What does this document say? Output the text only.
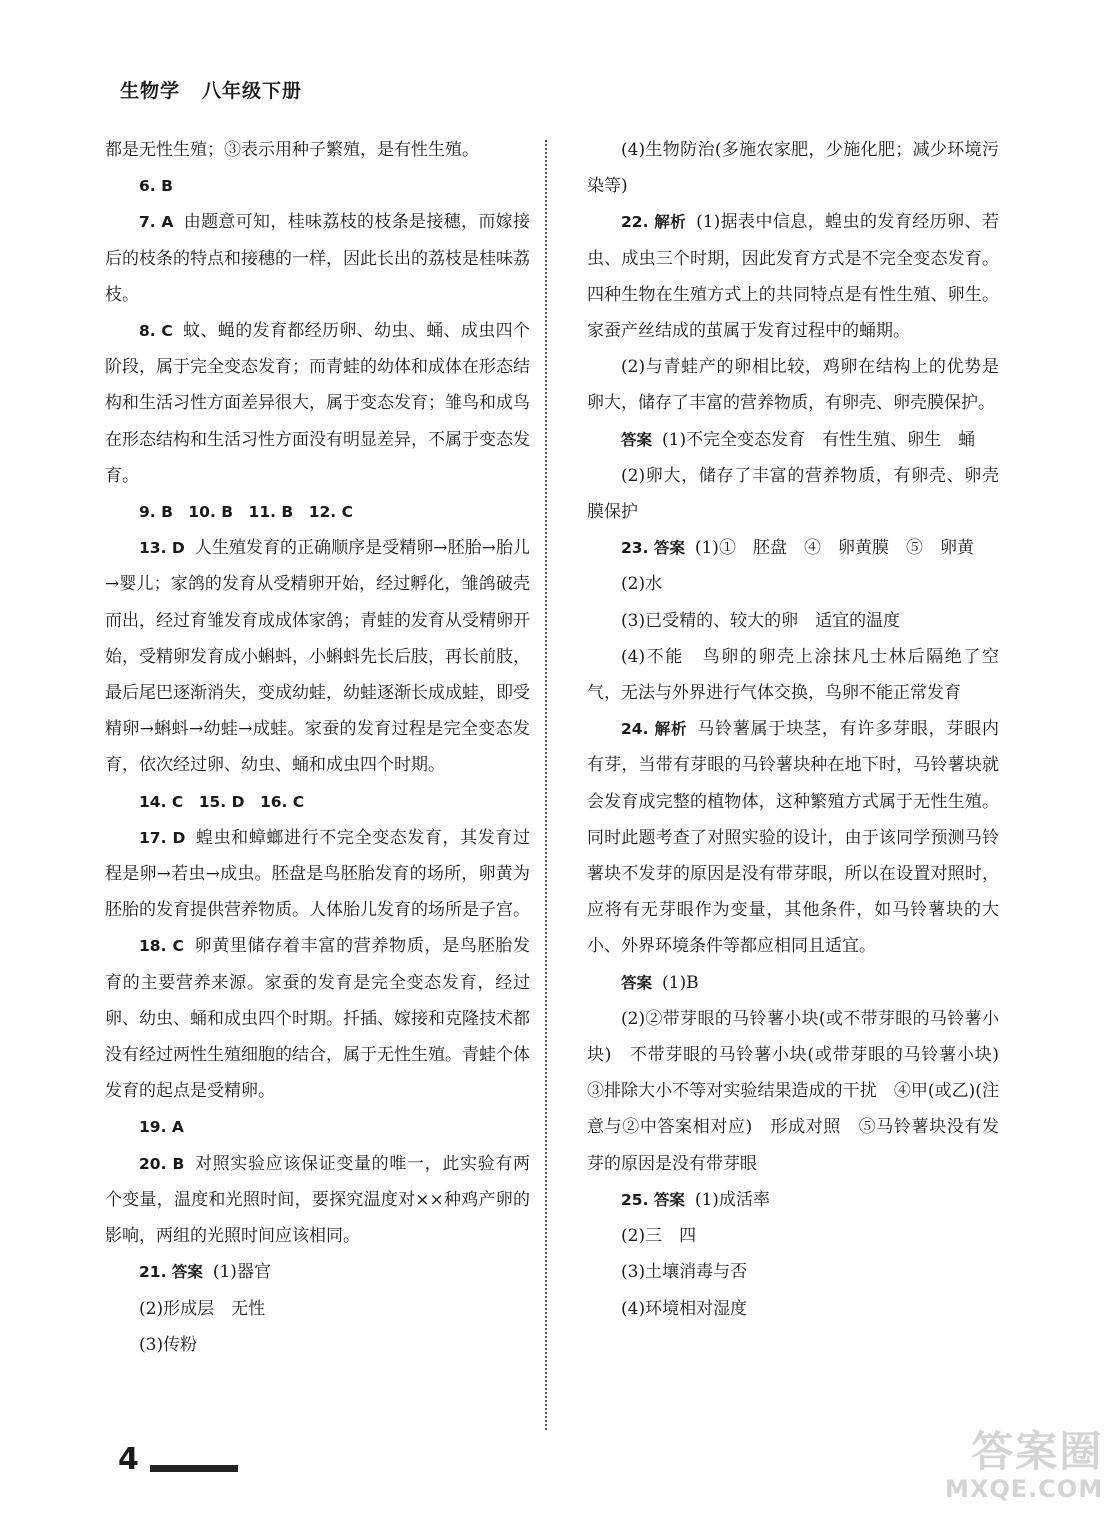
生物学 八年级下册

都是无性生殖；③表示用种子繁殖，是有性生殖。

6. B

7. A 由题意可知，桂味荔枝的枝条是接穗，而嫁接后的枝条的特点和接穗的一样，因此长出的荔枝是桂味荔枝。

8. C 蚊、蝇的发育都经历卵、幼虫、蛹、成虫四个阶段，属于完全变态发育；而青蛙的幼体和成体在形态结构和生活习性方面差异很大，属于变态发育；雏鸟和成鸟在形态结构和生活习性方面没有明显差异，不属于变态发育。

9. B　10. B　11. B　12. C

13. D 人生殖发育的正确顺序是受精卵→胚胎→胎儿→婴儿；家鸽的发育从受精卵开始，经过孵化，雏鸽破壳而出，经过育雏发育成成体家鸽；青蛙的发育从受精卵开始，受精卵发育成小蝌蚪，小蝌蚪先长后肢，再长前肢，最后尾巴逐渐消失，变成幼蛙，幼蛙逐渐长成成蛙，即受精卵→蝌蚪→幼蛙→成蛙。家蚕的发育过程是完全变态发育，依次经过卵、幼虫、蛹和成虫四个时期。

14. C　15. D　16. C

17. D 蝗虫和蟑螂进行不完全变态发育，其发育过程是卵→若虫→成虫。胚盘是鸟胚胎发育的场所，卵黄为胚胎的发育提供营养物质。人体胎儿发育的场所是子宫。

18. C 卵黄里储存着丰富的营养物质，是鸟胚胎发育的主要营养来源。家蚕的发育是完全变态发育，经过卵、幼虫、蛹和成虫四个时期。扦插、嫁接和克隆技术都没有经过两性生殖细胞的结合，属于无性生殖。青蛙个体发育的起点是受精卵。

19. A

20. B 对照实验应该保证变量的唯一，此实验有两个变量，温度和光照时间，要探究温度对××种鸡产卵的影响，两组的光照时间应该相同。

21. 答案 (1)器官

(2)形成层　无性

(3)传粉

(4)生物防治(多施农家肥，少施化肥；减少环境污染等)

22. 解析 (1)据表中信息，蝗虫的发育经历卵、若虫、成虫三个时期，因此发育方式是不完全变态发育。四种生物在生殖方式上的共同特点是有性生殖、卵生。家蚕产丝结成的茧属于发育过程中的蛹期。

(2)与青蛙产的卵相比较，鸡卵在结构上的优势是卵大，储存了丰富的营养物质，有卵壳、卵壳膜保护。

答案 (1)不完全变态发育　有性生殖、卵生　蛹

(2)卵大，储存了丰富的营养物质，有卵壳、卵壳膜保护

23. 答案 (1)①　胚盘　④　卵黄膜　⑤　卵黄

(2)水

(3)已受精的、较大的卵　适宜的温度

(4)不能　鸟卵的卵壳上涂抹凡士林后隔绝了空气，无法与外界进行气体交换，鸟卵不能正常发育

24. 解析 马铃薯属于块茎，有许多芽眼，芽眼内有芽，当带有芽眼的马铃薯块种在地下时，马铃薯块就会发育成完整的植物体，这种繁殖方式属于无性生殖。同时此题考查了对照实验的设计，由于该同学预测马铃薯块不发芽的原因是没有带芽眼，所以在设置对照时，应将有无芽眼作为变量，其他条件，如马铃薯块的大小、外界环境条件等都应相同且适宜。

答案 (1)B

(2)②带芽眼的马铃薯小块(或不带芽眼的马铃薯小块)　不带芽眼的马铃薯小块(或带芽眼的马铃薯小块)　③排除大小不等对实验结果造成的干扰　④甲(或乙)(注意与②中答案相对应)　形成对照　⑤马铃薯块没有发芽的原因是没有带芽眼

25. 答案 (1)成活率

(2)三　四

(3)土壤消毒与否

(4)环境相对湿度

4	答案圈
MXQE.COM
